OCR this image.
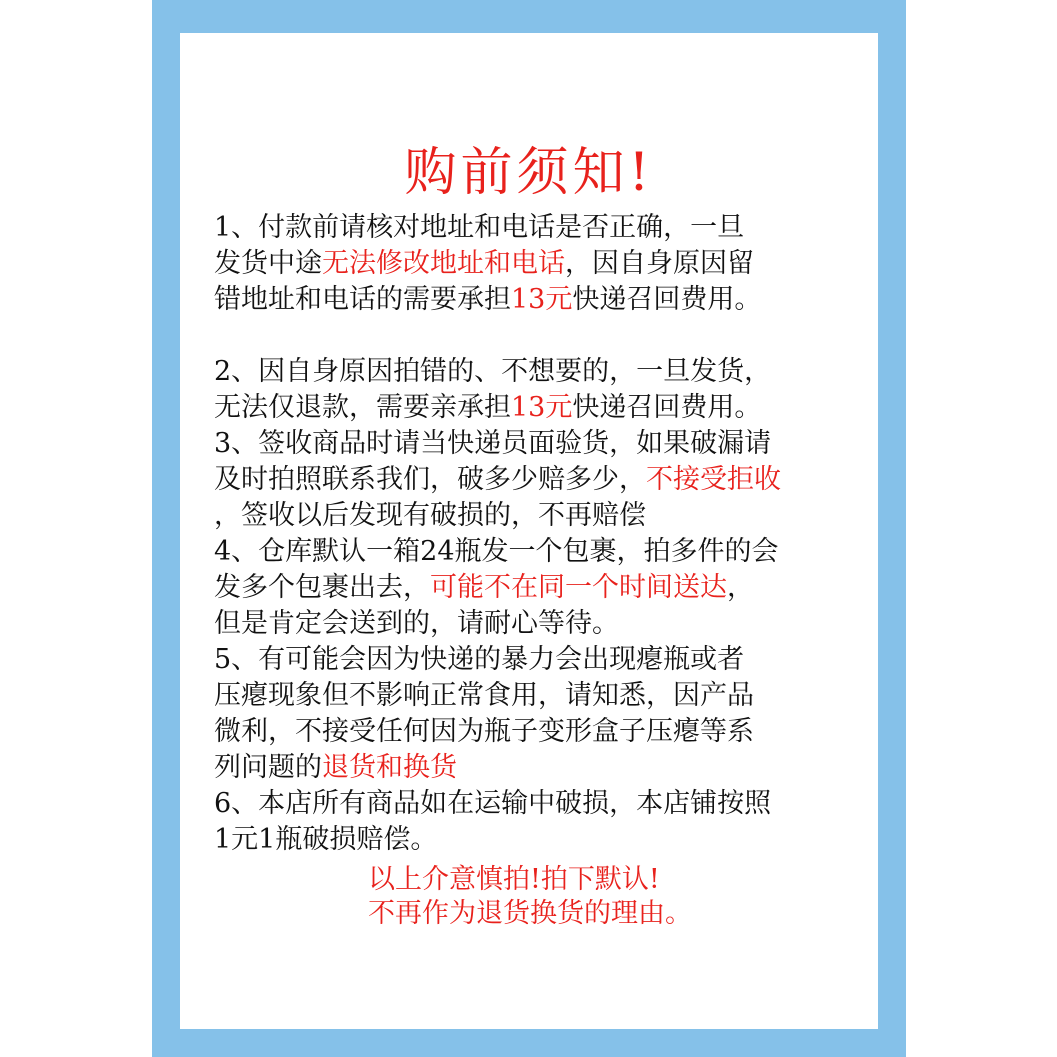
购前须知!
1、付款前请核对地址和电话是否正确，一旦
发货中途无法修改地址和电话，因自身原因留
错地址和电话的需要承担13元快递召回费用。
2、因自身原因拍错的、不想要的，一旦发货，
无法仅退款，需要亲承担13元快递召回费用。
3、签收商品时请当快递员面验货，如果破漏请
及时拍照联系我们，破多少赔多少，不接受拒收
，签收以后发现有破损的，不再赔偿
4、仓库默认一箱24瓶发一个包裹，拍多件的会
发多个包裹出去，可能不在同一个时间送达，
但是肯定会送到的，请耐心等待。
5、有可能会因为快递的暴力会出现瘪瓶或者
压瘪现象但不影响正常食用，请知悉，因产品
微利，不接受任何因为瓶子变形盒子压瘪等系
列问题的退货和换货
6、本店所有商品如在运输中破损，本店铺按照
1元1瓶破损赔偿。
以上介意慎拍!拍下默认!
不再作为退货换货的理由。
